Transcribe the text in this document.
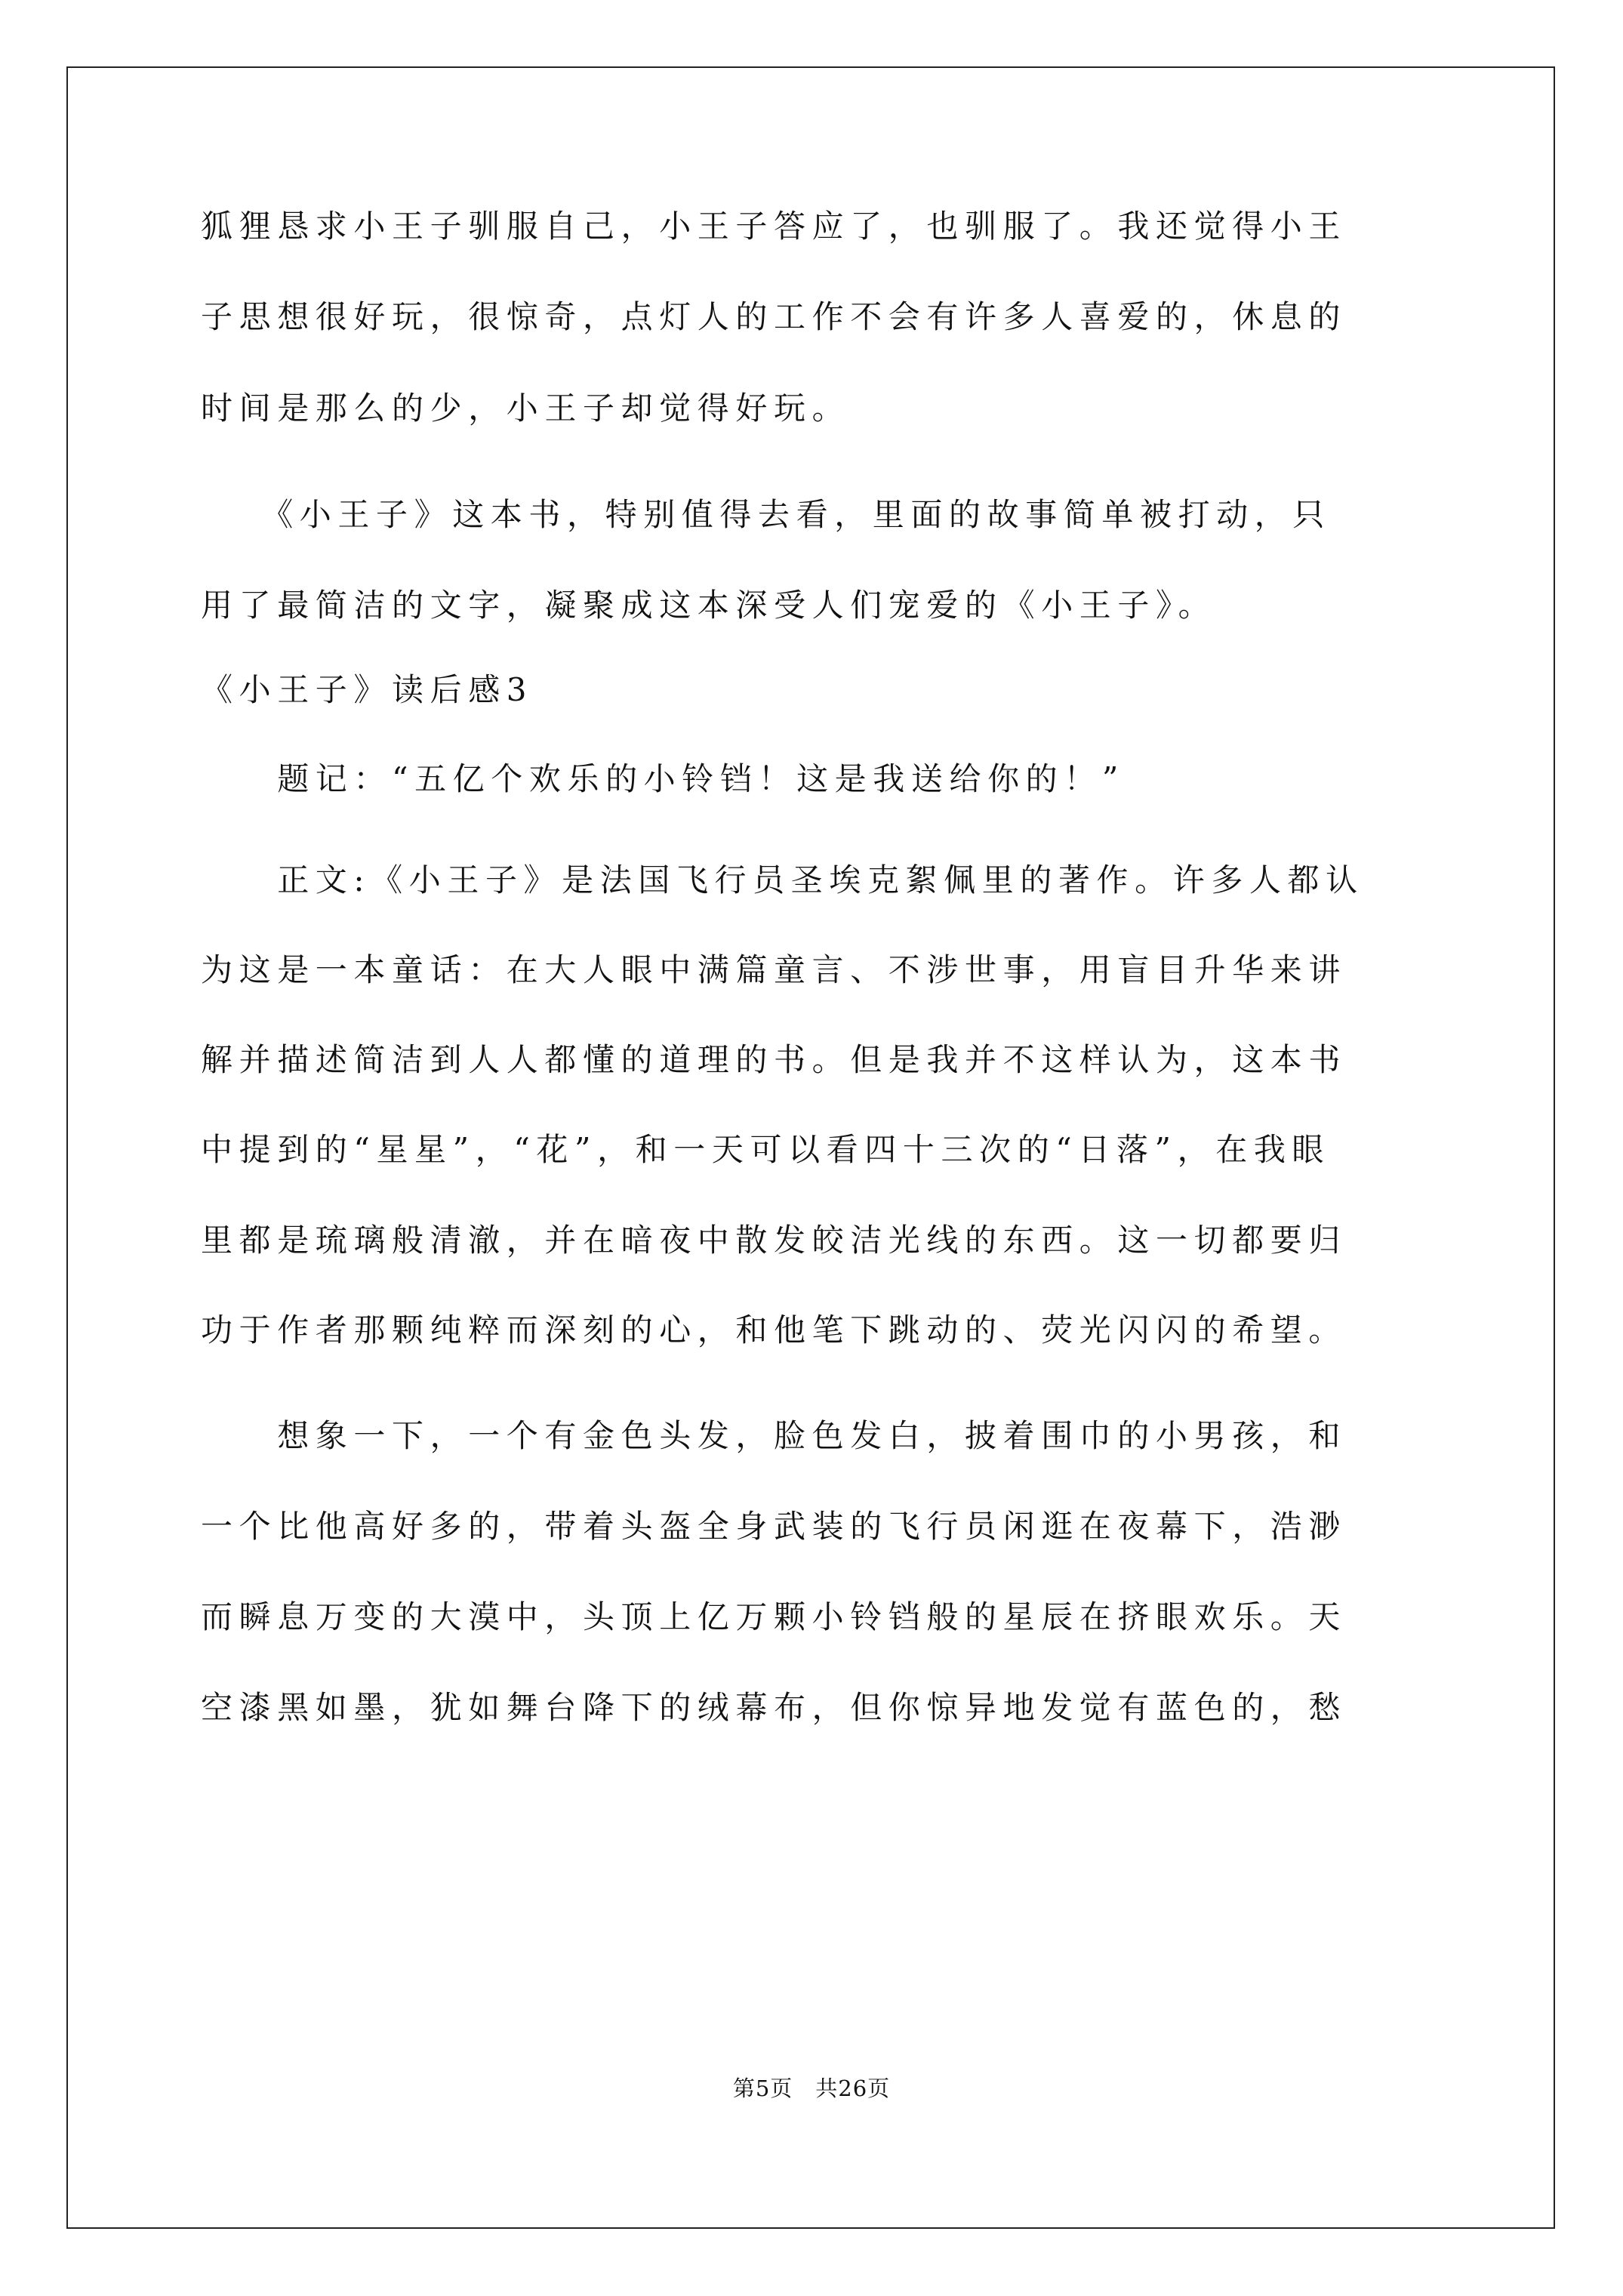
狐狸恳求小王子驯服自己，小王子答应了，也驯服了。我还觉得小王
子思想很好玩，很惊奇，点灯人的工作不会有许多人喜爱的，休息的
时间是那么的少，小王子却觉得好玩。
　　《小王子》这本书，特别值得去看，里面的故事简单被打动，只
用了最简洁的文字，凝聚成这本深受人们宠爱的《小王子》。
《小王子》读后感3
　　题记：“五亿个欢乐的小铃铛！这是我送给你的！”
　　正文:《小王子》是法国飞行员圣埃克絮佩里的著作。许多人都认
为这是一本童话：在大人眼中满篇童言、不涉世事，用盲目升华来讲
解并描述简洁到人人都懂的道理的书。但是我并不这样认为，这本书
中提到的“星星”，“花”，和一天可以看四十三次的“日落”，在我眼
里都是琉璃般清澈，并在暗夜中散发皎洁光线的东西。这一切都要归
功于作者那颗纯粹而深刻的心，和他笔下跳动的、荧光闪闪的希望。
　　想象一下，一个有金色头发，脸色发白，披着围巾的小男孩，和
一个比他高好多的，带着头盔全身武装的飞行员闲逛在夜幕下，浩渺
而瞬息万变的大漠中，头顶上亿万颗小铃铛般的星辰在挤眼欢乐。天
空漆黑如墨，犹如舞台降下的绒幕布，但你惊异地发觉有蓝色的，愁
第5页　共26页
